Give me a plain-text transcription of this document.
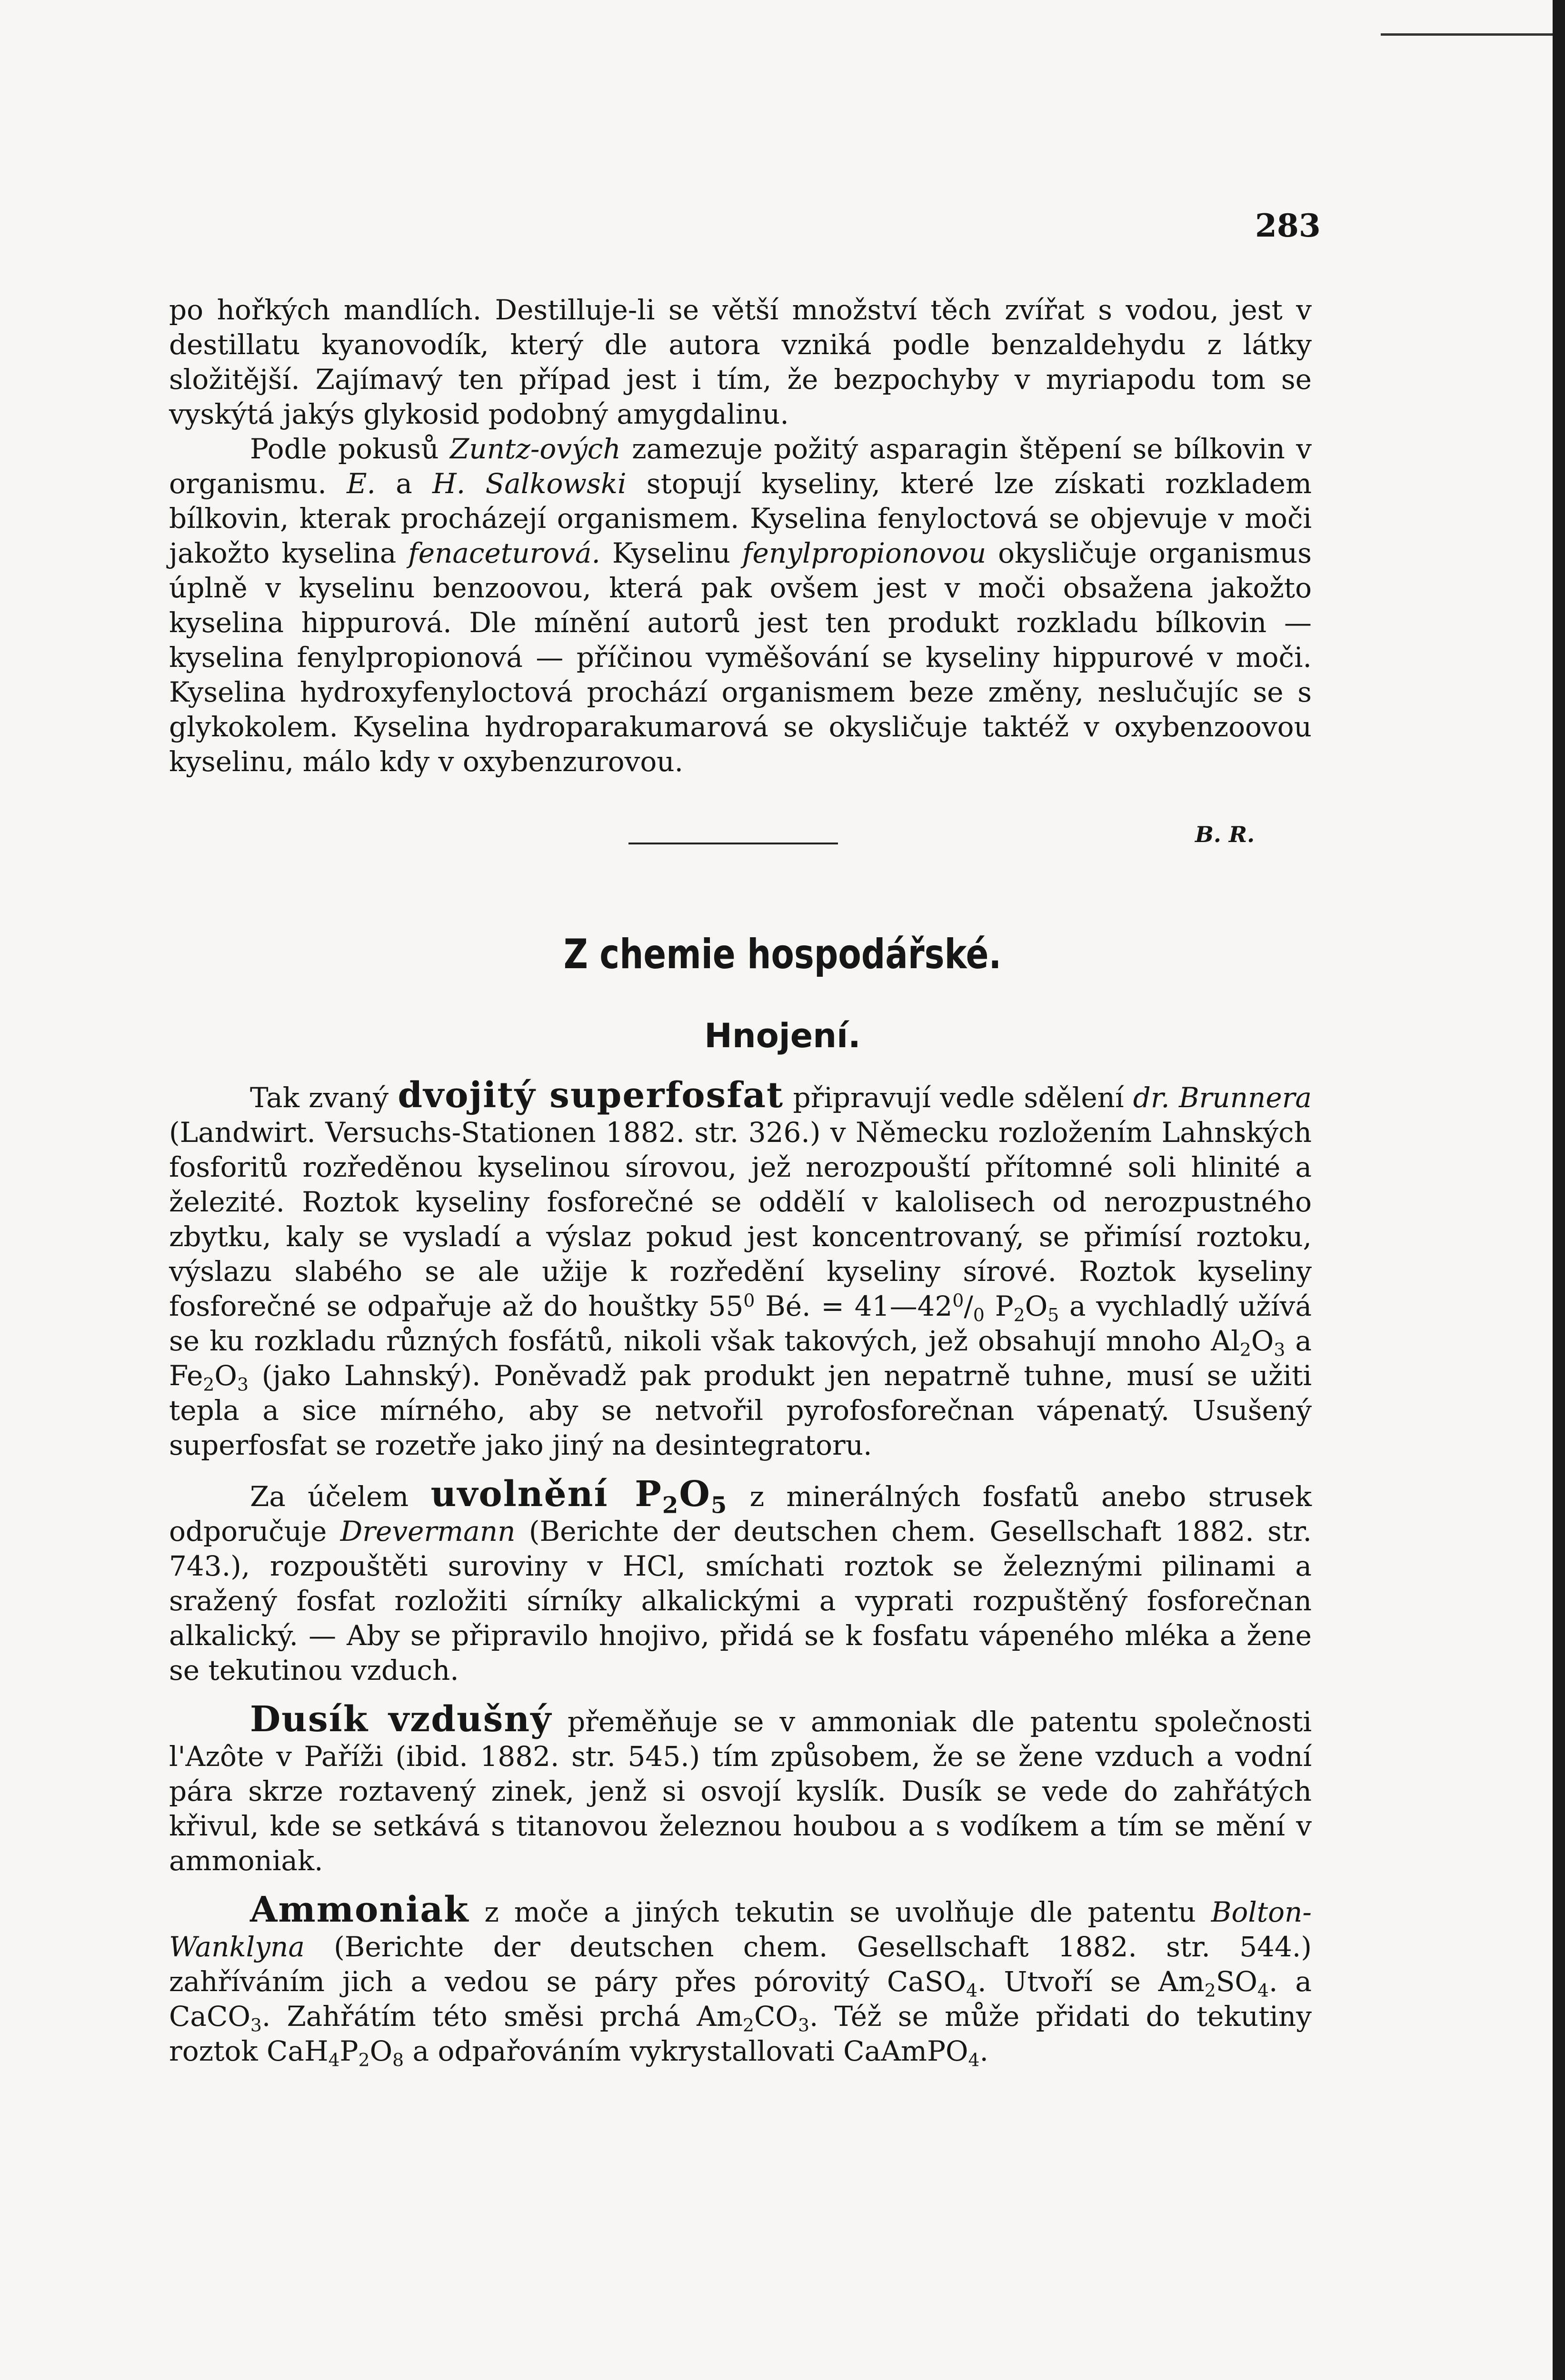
283
po hořkých mandlích. Destilluje-li se větší množství těch zvířat s vodou, jest v destillatu kyanovodík, který dle autora vzniká podle benzaldehydu z látky složitější. Zajímavý ten případ jest i tím, že bezpochyby v myriapodu tom se vyskýtá jakýs glykosid podobný amygdalinu.
Podle pokusů Zuntz-ových zamezuje požitý asparagin štěpení se bílkovin v organismu. E. a H. Salkowski stopují kyseliny, které lze získati rozkladem bílkovin, kterak procházejí organismem. Kyselina fenyloctová se objevuje v moči jakožto kyselina fenaceturová. Kyselinu fenylpropionovou okysličuje organismus úplně v kyselinu benzoovou, která pak ovšem jest v moči obsažena jakožto kyselina hippurová. Dle mínění autorů jest ten produkt rozkladu bílkovin — kyselina fenylpropionová — příčinou vyměšování se kyseliny hippurové v moči. Kyselina hydroxyfenyloctová prochází organismem beze změny, neslučujíc se s glykokolem. Kyselina hydroparakumarová se okysličuje taktéž v oxybenzoovou kyselinu, málo kdy v oxybenzurovou.
B. R.
Z chemie hospodářské.
Hnojení.
Tak zvaný dvojitý superfosfat připravují vedle sdělení dr. Brunnera (Landwirt. Versuchs-Stationen 1882. str. 326.) v Německu rozložením Lahnských fosforitů rozředěnou kyselinou sírovou, jež nerozpouští přítomné soli hlinité a železité. Roztok kyseliny fosforečné se oddělí v kalolisech od nerozpustného zbytku, kaly se vysladí a výslaz pokud jest koncentrovaný, se přimísí roztoku, výslazu slabého se ale užije k rozředění kyseliny sírové. Roztok kyseliny fosforečné se odpařuje až do houštky $55^0$ Bé. = $41—42^0/_0$ $P_2O_5$ a vychladlý užívá se ku rozkladu různých fosfátů, nikoli však takových, jež obsahují mnoho $Al_2O_3$ a $Fe_2O_3$ (jako Lahnský). Poněvadž pak produkt jen nepatrně tuhne, musí se užiti tepla a sice mírného, aby se netvořil pyrofosforečnan vápenatý. Usušený superfosfat se rozetře jako jiný na desintegratoru.
Za účelem uvolnění $P_2O_5$ z minerálných fosfatů anebo strusek odporučuje Drevermann (Berichte der deutschen chem. Gesellschaft 1882. str. 743.), rozpouštěti suroviny v HCl, smíchati roztok se železnými pilinami a sražený fosfat rozložiti sírníky alkalickými a vyprati rozpuštěný fosforečnan alkalický. — Aby se připravilo hnojivo, přidá se k fosfatu vápeného mléka a žene se tekutinou vzduch.
Dusík vzdušný přeměňuje se v ammoniak dle patentu společnosti l'Azôte v Paříži (ibid. 1882. str. 545.) tím způsobem, že se žene vzduch a vodní pára skrze roztavený zinek, jenž si osvojí kyslík. Dusík se vede do zahřátých křivul, kde se setkává s titanovou železnou houbou a s vodíkem a tím se mění v ammoniak.
Ammoniak z moče a jiných tekutin se uvolňuje dle patentu Bolton-Wanklyna (Berichte der deutschen chem. Gesellschaft 1882. str. 544.) zahříváním jich a vedou se páry přes pórovitý CaSO$_4$. Utvoří se $Am_2SO_4$. a CaCO$_3$. Zahřátím této směsi prchá $Am_2CO_3$. Též se může přidati do tekutiny roztok $CaH_4P_2O_8$ a odpařováním vykrystallovati CaAmPO$_4$.
